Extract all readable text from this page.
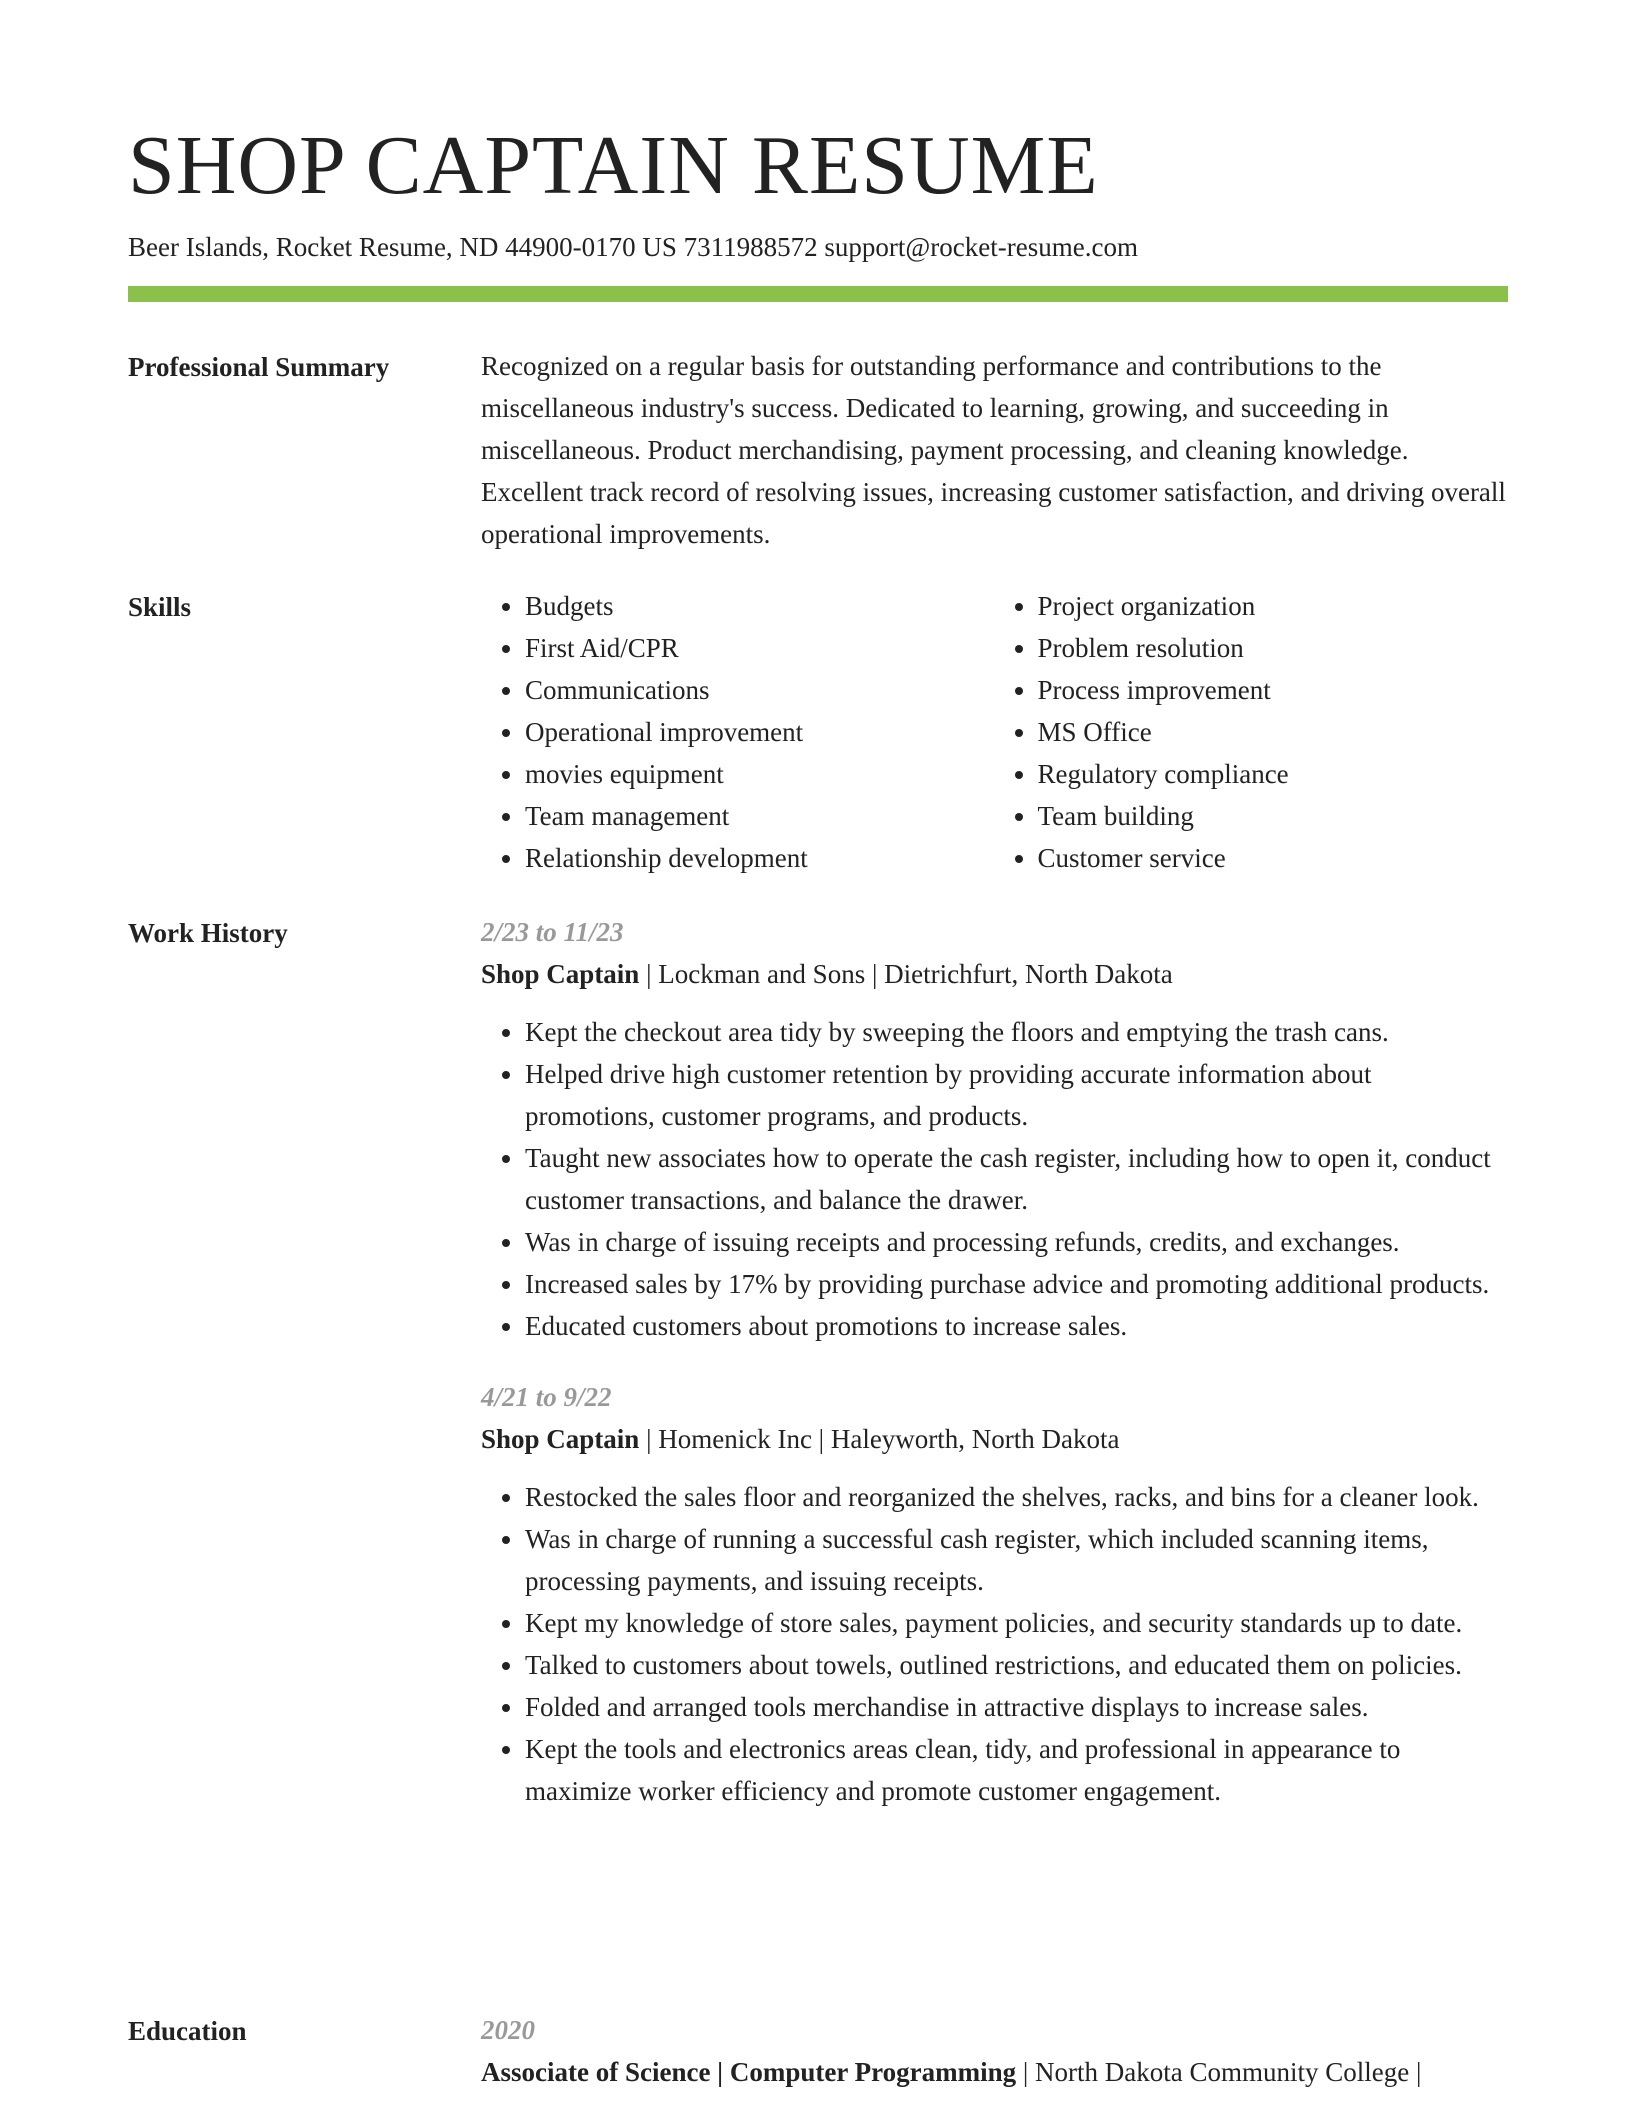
SHOP CAPTAIN RESUME
Beer Islands, Rocket Resume, ND 44900-0170 US 7311988572 support@rocket-resume.com
Professional Summary	Recognized on a regular basis for outstanding performance and contributions to the miscellaneous industry's success. Dedicated to learning, growing, and succeeding in miscellaneous. Product merchandising, payment processing, and cleaning knowledge. Excellent track record of resolving issues, increasing customer satisfaction, and driving overall operational improvements.

Skills
•	Budgets
• First Aid/CPR
• Communications
• Operational improvement
• movies equipment
• Team management
• Relationship development
• Project organization
• Problem resolution
• Process improvement
• MS Office
• Regulatory compliance
• Team building
• Customer service
Work History	2/23 to 11/23

Shop Captain | Lockman and Sons | Dietrichfurt, North Dakota

• Kept the checkout area tidy by sweeping the floors and emptying the trash cans.
• Helped drive high customer retention by providing accurate information about promotions, customer programs, and products.
• Taught new associates how to operate the cash register, including how to open it, conduct customer transactions, and balance the drawer.
• Was in charge of issuing receipts and processing refunds, credits, and exchanges.
• Increased sales by 17% by providing purchase advice and promoting additional products.
• Educated customers about promotions to increase sales.

4/21 to 9/22

Shop Captain | Homenick Inc | Haleyworth, North Dakota

• Restocked the sales floor and reorganized the shelves, racks, and bins for a cleaner look.
• Was in charge of running a successful cash register, which included scanning items, processing payments, and issuing receipts.
• Kept my knowledge of store sales, payment policies, and security standards up to date.
• Talked to customers about towels, outlined restrictions, and educated them on policies.
• Folded and arranged tools merchandise in attractive displays to increase sales.
• Kept the tools and electronics areas clean, tidy, and professional in appearance to maximize worker efficiency and promote customer engagement.
Education	2020

Associate of Science | Computer Programming | North Dakota Community College |
